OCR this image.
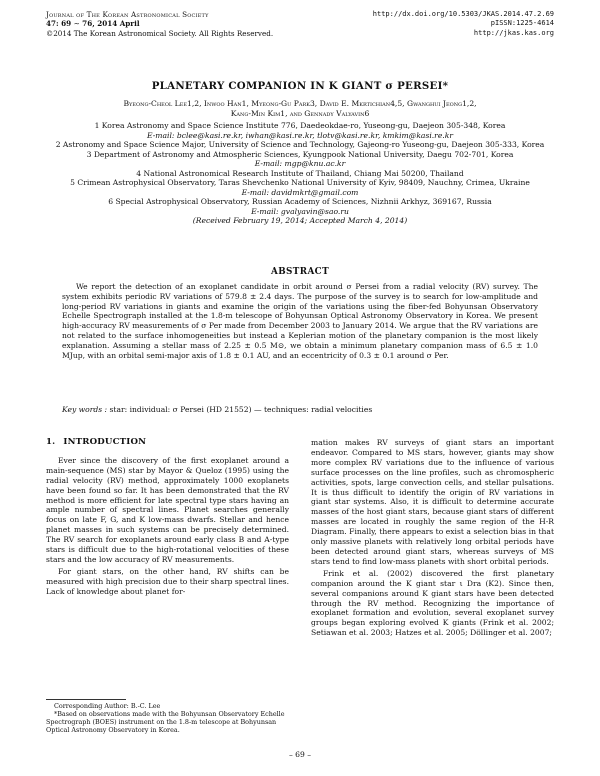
Journal of The Korean Astronomical Society
47: 69 ∼ 76, 2014 April
©2014 The Korean Astronomical Society. All Rights Reserved.
http://dx.doi.org/10.5303/JKAS.2014.47.2.69
pISSN:1225-4614
http://jkas.kas.org
PLANETARY COMPANION IN K GIANT σ PERSEI*
Byeong-Cheol Lee1,2, Inwoo Han1, Myeong-Gu Park3, David E. Mkrtichian4,5, Gwanghui Jeong1,2,
Kang-Min Kim1, and Gennady Valyavin6
1 Korea Astronomy and Space Science Institute 776, Daedeokdae-ro, Yuseong-gu, Daejeon 305-348, Korea
E-mail: bclee@kasi.re.kr, iwhan@kasi.re.kr, tlotv@kasi.re.kr, kmkim@kasi.re.kr
2 Astronomy and Space Science Major, University of Science and Technology, Gajeong-ro Yuseong-gu, Daejeon 305-333, Korea
3 Department of Astronomy and Atmospheric Sciences, Kyungpook National University, Daegu 702-701, Korea
E-mail: mgp@knu.ac.kr
4 National Astronomical Research Institute of Thailand, Chiang Mai 50200, Thailand
5 Crimean Astrophysical Observatory, Taras Shevchenko National University of Kyiv, 98409, Nauchny, Crimea, Ukraine
E-mail: davidmkrt@gmail.com
6 Special Astrophysical Observatory, Russian Academy of Sciences, Nizhnii Arkhyz, 369167, Russia
E-mail: gvalyavin@sao.ru
(Received February 19, 2014; Accepted March 4, 2014)
ABSTRACT
We report the detection of an exoplanet candidate in orbit around σ Persei from a radial velocity (RV) survey. The system exhibits periodic RV variations of 579.8 ± 2.4 days. The purpose of the survey is to search for low-amplitude and long-period RV variations in giants and examine the origin of the variations using the fiber-fed Bohyunsan Observatory Echelle Spectrograph installed at the 1.8-m telescope of Bohyunsan Optical Astronomy Observatory in Korea. We present high-accuracy RV measurements of σ Per made from December 2003 to January 2014. We argue that the RV variations are not related to the surface inhomogeneities but instead a Keplerian motion of the planetary companion is the most likely explanation. Assuming a stellar mass of 2.25 ± 0.5 M⊙, we obtain a minimum planetary companion mass of 6.5 ± 1.0 MJup, with an orbital semi-major axis of 1.8 ± 0.1 AU, and an eccentricity of 0.3 ± 0.1 around σ Per.
Key words : star: individual: σ Persei (HD 21552) — techniques: radial velocities
1. INTRODUCTION

Ever since the discovery of the first exoplanet around a main-sequence (MS) star by Mayor & Queloz (1995) using the radial velocity (RV) method, approximately 1000 exoplanets have been found so far. It has been demonstrated that the RV method is more efficient for late spectral type stars having an ample number of spectral lines. Planet searches generally focus on late F, G, and K low-mass dwarfs. Stellar and hence planet masses in such systems can be precisely determined. The RV search for exoplanets around early class B and A-type stars is difficult due to the high-rotational velocities of these stars and the low accuracy of RV measurements.

For giant stars, on the other hand, RV shifts can be measured with high precision due to their sharp spectral lines. Lack of knowledge about planet for-

mation makes RV surveys of giant stars an important endeavor. Compared to MS stars, however, giants may show more complex RV variations due to the influence of various surface processes on the line profiles, such as chromospheric activities, spots, large convection cells, and stellar pulsations. It is thus difficult to identify the origin of RV variations in giant star systems. Also, it is difficult to determine accurate masses of the host giant stars, because giant stars of different masses are located in roughly the same region of the H-R Diagram. Finally, there appears to exist a selection bias in that only massive planets with relatively long orbital periods have been detected around giant stars, whereas surveys of MS stars tend to find low-mass planets with short orbital periods.

Frink et al. (2002) discovered the first planetary companion around the K giant star ι Dra (K2). Since then, several companions around K giant stars have been detected through the RV method. Recognizing the importance of exoplanet formation and evolution, several exoplanet survey groups began exploring evolved K giants (Frink et al. 2002; Setiawan et al. 2003; Hatzes et al. 2005; Döllinger et al. 2007;

Corresponding Author: B.-C. Lee

*Based on observations made with the Bohyunsan Observatory Echelle Spectrograph (BOES) instrument on the 1.8-m telescope at Bohyunsan Optical Astronomy Observatory in Korea.

– 69 –
